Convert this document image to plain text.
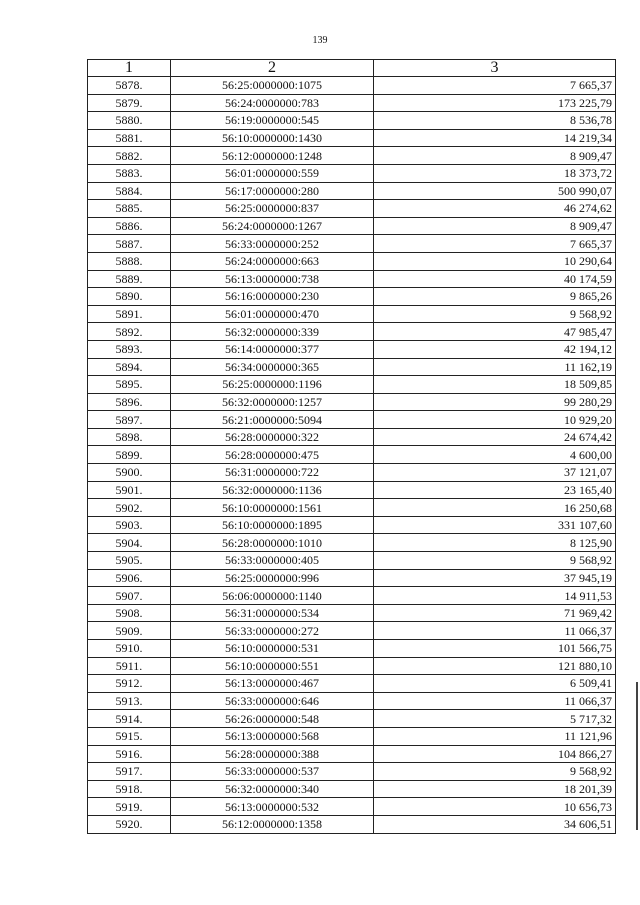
139
1	2	3
5878.	56:25:0000000:1075	7 665,37
5879.	56:24:0000000:783	173 225,79
5880.	56:19:0000000:545	8 536,78
5881.	56:10:0000000:1430	14 219,34
5882.	56:12:0000000:1248	8 909,47
5883.	56:01:0000000:559	18 373,72
5884.	56:17:0000000:280	500 990,07
5885.	56:25:0000000:837	46 274,62
5886.	56:24:0000000:1267	8 909,47
5887.	56:33:0000000:252	7 665,37
5888.	56:24:0000000:663	10 290,64
5889.	56:13:0000000:738	40 174,59
5890.	56:16:0000000:230	9 865,26
5891.	56:01:0000000:470	9 568,92
5892.	56:32:0000000:339	47 985,47
5893.	56:14:0000000:377	42 194,12
5894.	56:34:0000000:365	11 162,19
5895.	56:25:0000000:1196	18 509,85
5896.	56:32:0000000:1257	99 280,29
5897.	56:21:0000000:5094	10 929,20
5898.	56:28:0000000:322	24 674,42
5899.	56:28:0000000:475	4 600,00
5900.	56:31:0000000:722	37 121,07
5901.	56:32:0000000:1136	23 165,40
5902.	56:10:0000000:1561	16 250,68
5903.	56:10:0000000:1895	331 107,60
5904.	56:28:0000000:1010	8 125,90
5905.	56:33:0000000:405	9 568,92
5906.	56:25:0000000:996	37 945,19
5907.	56:06:0000000:1140	14 911,53
5908.	56:31:0000000:534	71 969,42
5909.	56:33:0000000:272	11 066,37
5910.	56:10:0000000:531	101 566,75
5911.	56:10:0000000:551	121 880,10
5912.	56:13:0000000:467	6 509,41
5913.	56:33:0000000:646	11 066,37
5914.	56:26:0000000:548	5 717,32
5915.	56:13:0000000:568	11 121,96
5916.	56:28:0000000:388	104 866,27
5917.	56:33:0000000:537	9 568,92
5918.	56:32:0000000:340	18 201,39
5919.	56:13:0000000:532	10 656,73
5920.	56:12:0000000:1358	34 606,51
